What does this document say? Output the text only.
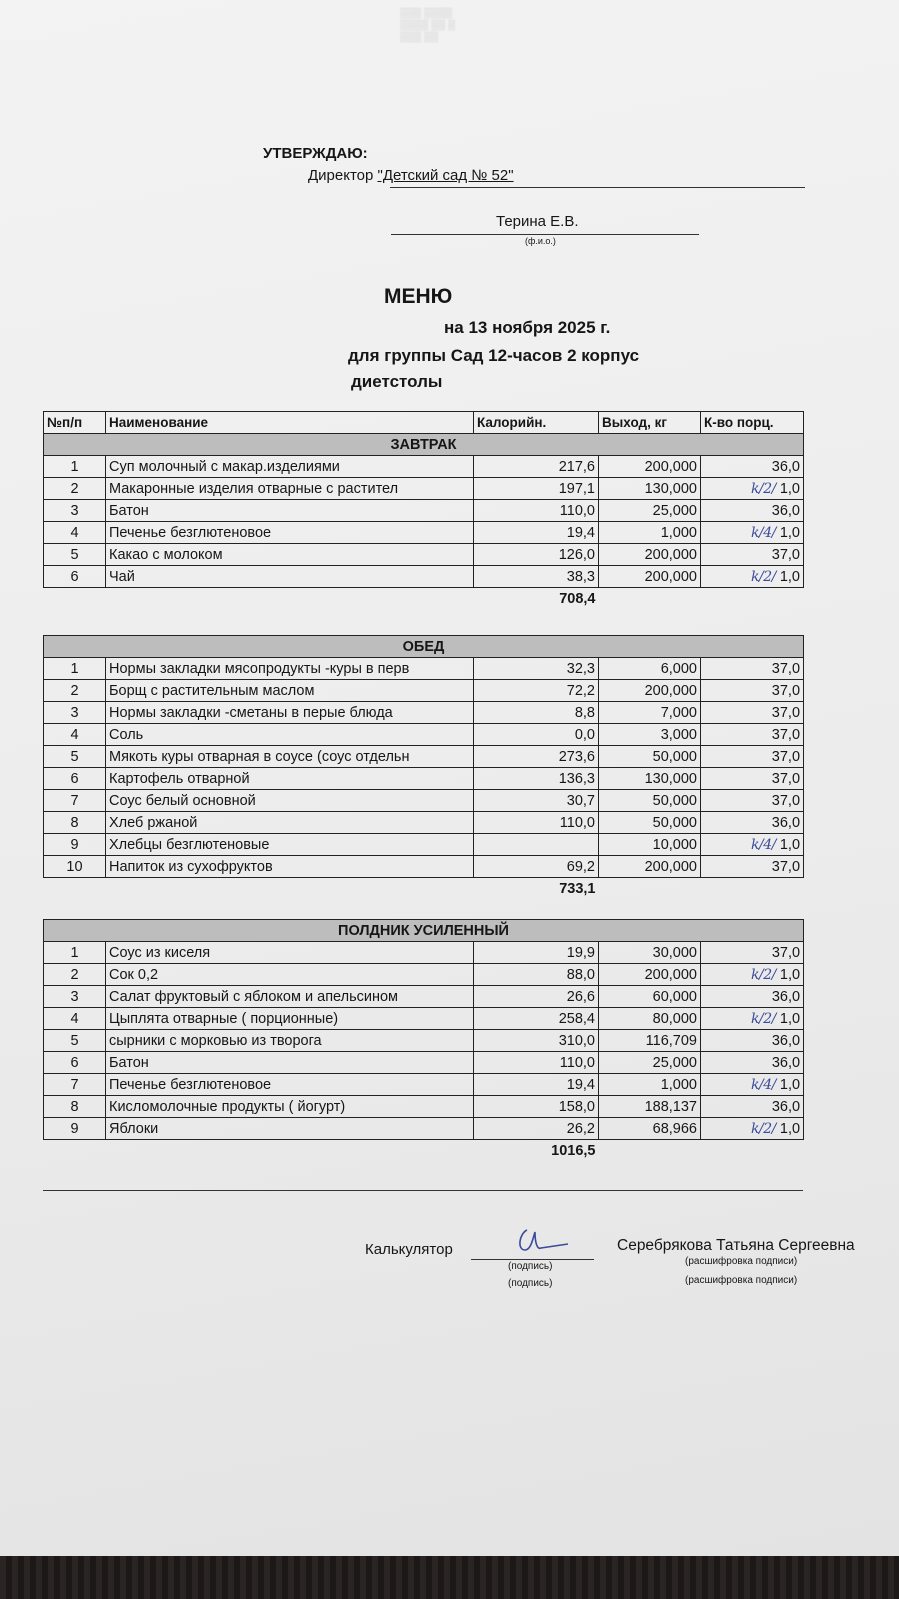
▒▒▒ ▒▒▒▒
▒▒▒▒ ▒▒ ▒
▒▒▒ ▒▒
УТВЕРЖДАЮ:
Директор "Детский сад № 52"
Терина Е.В.
(ф.и.о.)
МЕНЮ
на 13 ноября 2025 г.
для группы Сад 12-часов 2 корпус
диетстолы
№п/п	Наименование	Калорийн.	Выход, кг	К-во порц.
ЗАВТРАК				
1	Суп молочный с макар.изделиями	217,6	200,000	36,0
2	Макаронные изделия отварные с растител	197,1	130,000	k/2/ 1,0
3	Батон	110,0	25,000	36,0
4	Печенье безглютеновое	19,4	1,000	k/4/ 1,0
5	Какао с молоком	126,0	200,000	37,0
6	Чай	38,3	200,000	k/2/ 1,0
		708,4		
ОБЕД				
1	Нормы закладки мясопродукты -куры в перв	32,3	6,000	37,0
2	Борщ с растительным маслом	72,2	200,000	37,0
3	Нормы закладки -сметаны в перые блюда	8,8	7,000	37,0
4	Соль	0,0	3,000	37,0
5	Мякоть куры отварная в соусе (соус отдельн	273,6	50,000	37,0
6	Картофель отварной	136,3	130,000	37,0
7	Соус белый основной	30,7	50,000	37,0
8	Хлеб ржаной	110,0	50,000	36,0
9	Хлебцы безглютеновые		10,000	k/4/ 1,0
10	Напиток из сухофруктов	69,2	200,000	37,0
		733,1		
ПОЛДНИК УСИЛЕННЫЙ				
1	Соус из киселя	19,9	30,000	37,0
2	Сок 0,2	88,0	200,000	k/2/ 1,0
3	Салат фруктовый с яблоком и апельсином	26,6	60,000	36,0
4	Цыплята отварные ( порционные)	258,4	80,000	k/2/ 1,0
5	сырники с морковью из творога	310,0	116,709	36,0
6	Батон	110,0	25,000	36,0
7	Печенье безглютеновое	19,4	1,000	k/4/ 1,0
8	Кисломолочные продукты ( йогурт)	158,0	188,137	36,0
9	Яблоки	26,2	68,966	k/2/ 1,0
		1016,5		
Калькулятор
(подпись)
(подпись)
Серебрякова Татьяна Сергеевна
(расшифровка подписи)
(расшифровка подписи)
